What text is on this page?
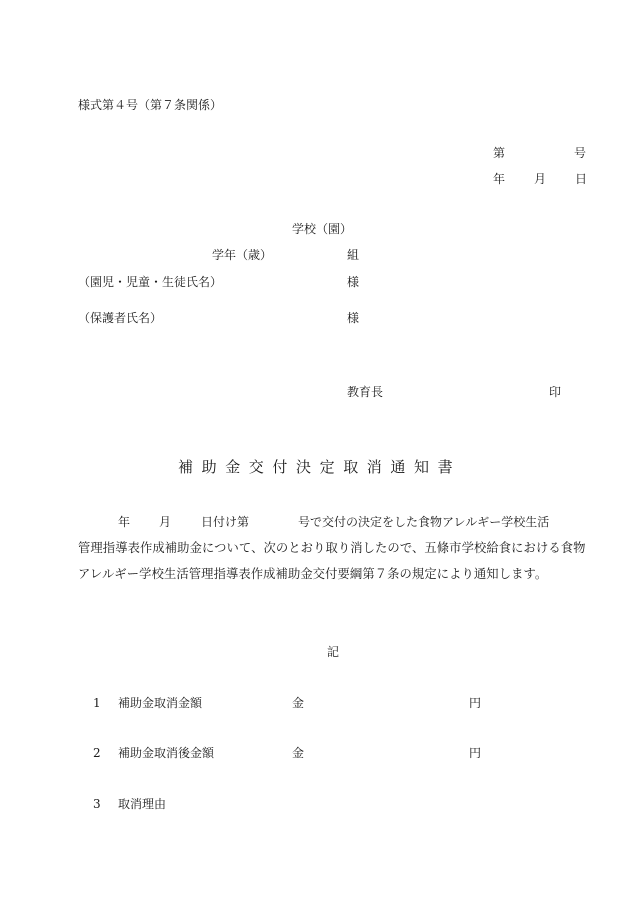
様式第４号（第７条関係）
第	号
年 月 日
学校（園）
学年（歳）	組
（園児・児童・生徒氏名）	様
（保護者氏名）	様
教育長	印
補助金交付決定取消通知書
年 月 日付け第	号で交付の決定をした食物アレルギー学校生活
管理指導表作成補助金について、次のとおり取り消したので、五條市学校給食における食物アレルギー学校生活管理指導表作成補助金交付要綱第７条の規定により通知します。
記
1 補助金取消金額	金	円
2 補助金取消後金額	金	円
3 取消理由
